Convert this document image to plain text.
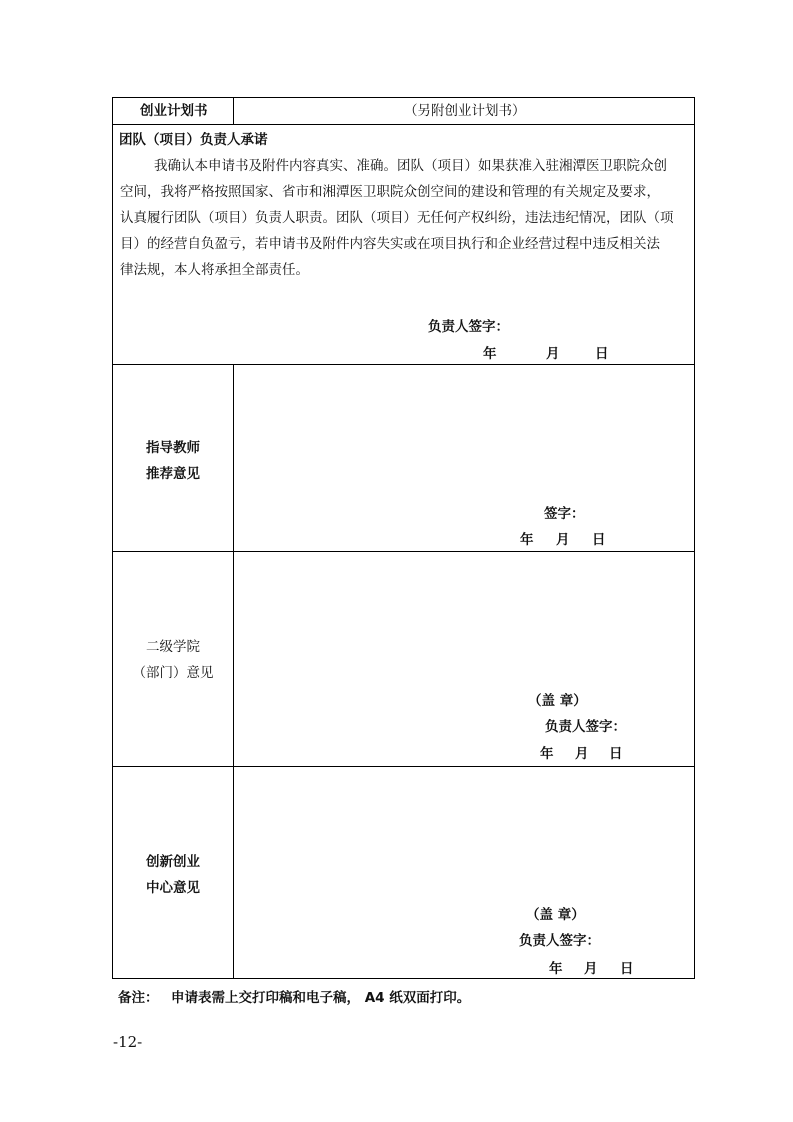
创业计划书	（另附创业计划书）
团队（项目）负责人承诺
我确认本申请书及附件内容真实、准确。团队（项目）如果获准入驻湘潭医卫职院众创
空间，我将严格按照国家、省市和湘潭医卫职院众创空间的建设和管理的有关规定及要求，
认真履行团队（项目）负责人职责。团队（项目）无任何产权纠纷，违法违纪情况，团队（项
目）的经营自负盈亏，若申请书及附件内容失实或在项目执行和企业经营过程中违反相关法
律法规，本人将承担全部责任。
负责人签字：
年	月	日
指导教师
推荐意见
签字：
年 月 日
二级学院
（部门）意见
（盖 章）
负责人签字：
年 月 日
创新创业
中心意见
（盖 章）
负责人签字：
年 月 日
备注： 申请表需上交打印稿和电子稿， A4 纸双面打印。
-12-
